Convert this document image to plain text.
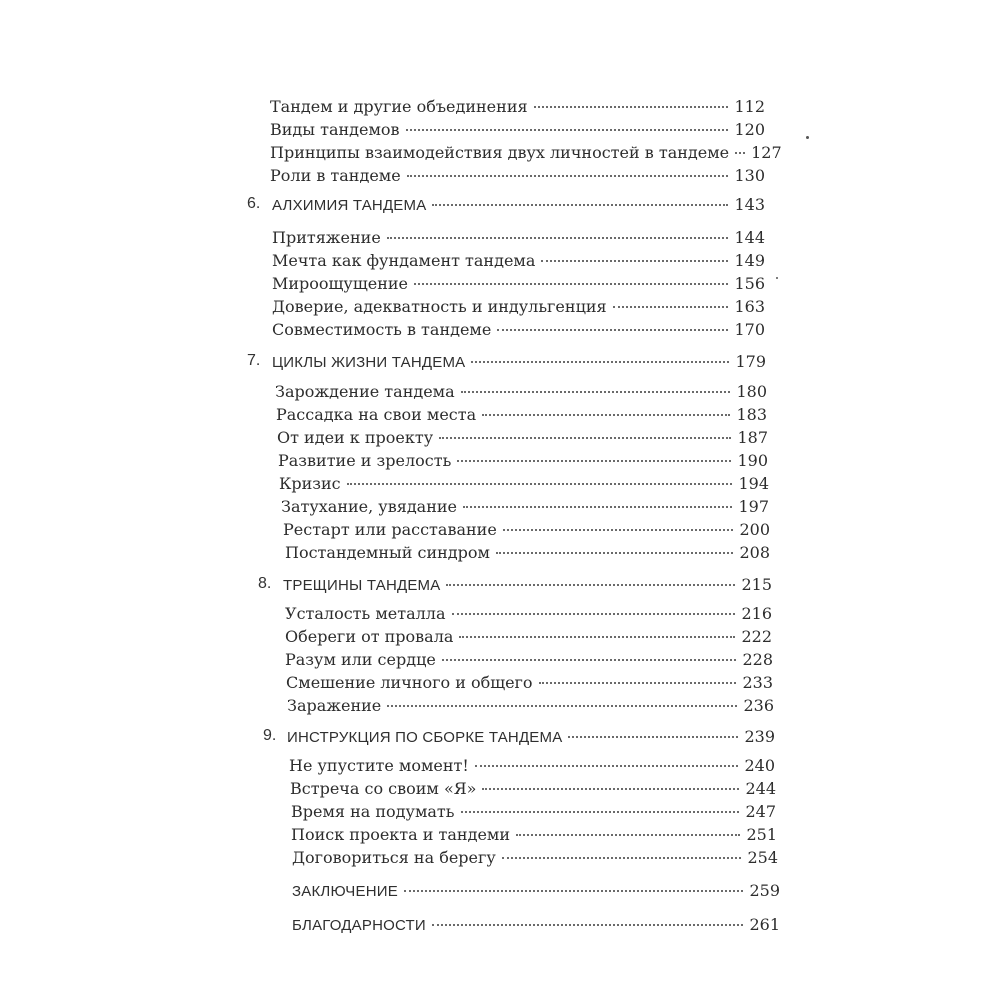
Тандем и другие объединения	112
Виды тандемов	120
Принципы взаимодействия двух личностей в тандеме 127
Роли в тандеме	130
6. АЛХИМИЯ ТАНДЕМА	143
Притяжение	144
Мечта как фундамент тандема	149
Мироощущение	156
Доверие, адекватность и индульгенция	163
Совместимость в тандеме	170
7. ЦИКЛЫ ЖИЗНИ ТАНДЕМА	179
Зарождение тандема	180
Рассадка на свои места	183
От идеи к проекту	187
Развитие и зрелость	190
Кризис	194
Затухание, увядание	197
Рестарт или расставание	200
Постандемный синдром	208
8. ТРЕЩИНЫ ТАНДЕМА	215
Усталость металла	216
Обереги от провала	222
Разум или сердце	228
Смешение личного и общего	233
Заражение	236
9. ИНСТРУКЦИЯ ПО СБОРКЕ ТАНДЕМА	239
Не упустите момент!	240
Встреча со своим «Я»	244
Время на подумать	247
Поиск проекта и тандеми	251
Договориться на берегу	254
ЗАКЛЮЧЕНИЕ	259
БЛАГОДАРНОСТИ	261
